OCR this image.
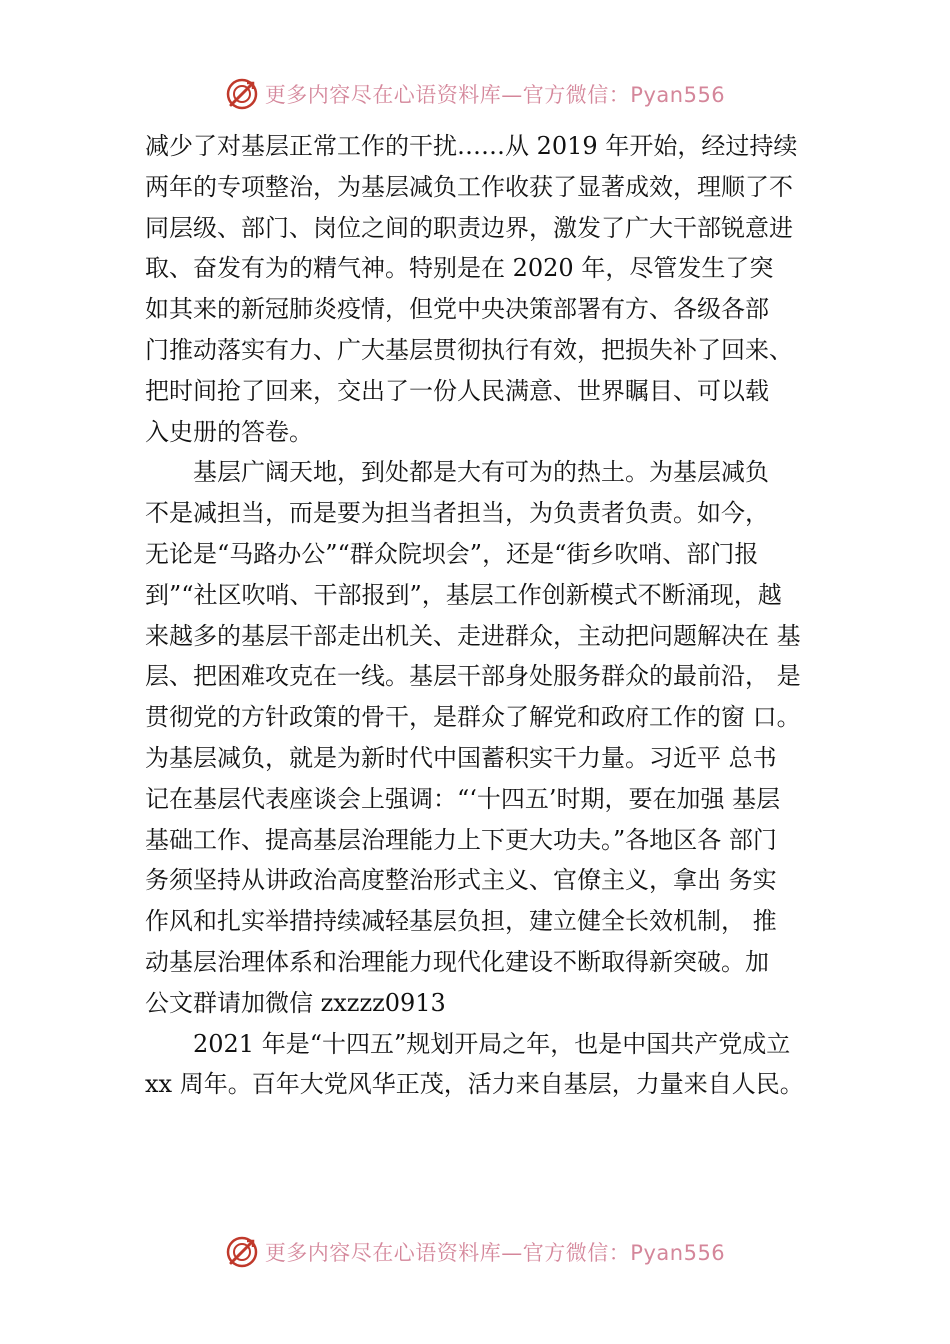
更多内容尽在心语资料库—官方微信：Pyan556
减少了对基层正常工作的干扰……从 2019 年开始，经过持续
两年的专项整治，为基层减负工作收获了显著成效，理顺了不
同层级、部门、岗位之间的职责边界，激发了广大干部锐意进
取、奋发有为的精气神。特别是在 2020 年，尽管发生了突
如其来的新冠肺炎疫情，但党中央决策部署有方、各级各部
门推动落实有力、广大基层贯彻执行有效，把损失补了回来、
把时间抢了回来，交出了一份人民满意、世界瞩目、可以载
入史册的答卷。
　　基层广阔天地，到处都是大有可为的热土。为基层减负
不是减担当，而是要为担当者担当，为负责者负责。如今，
无论是“马路办公”“群众院坝会”，还是“街乡吹哨、部门报
到”“社区吹哨、干部报到”，基层工作创新模式不断涌现，越
来越多的基层干部走出机关、走进群众，主动把问题解决在 基
层、把困难攻克在一线。基层干部身处服务群众的最前沿， 是
贯彻党的方针政策的骨干，是群众了解党和政府工作的窗 口。
为基层减负，就是为新时代中国蓄积实干力量。习近平 总书
记在基层代表座谈会上强调：“‘十四五’时期，要在加强 基层
基础工作、提高基层治理能力上下更大功夫。”各地区各 部门
务须坚持从讲政治高度整治形式主义、官僚主义，拿出 务实
作风和扎实举措持续减轻基层负担，建立健全长效机制， 推
动基层治理体系和治理能力现代化建设不断取得新突破。加
公文群请加微信 zxzzz0913
　　2021 年是“十四五”规划开局之年，也是中国共产党成立
xx 周年。百年大党风华正茂，活力来自基层，力量来自人民。
更多内容尽在心语资料库—官方微信：Pyan556
